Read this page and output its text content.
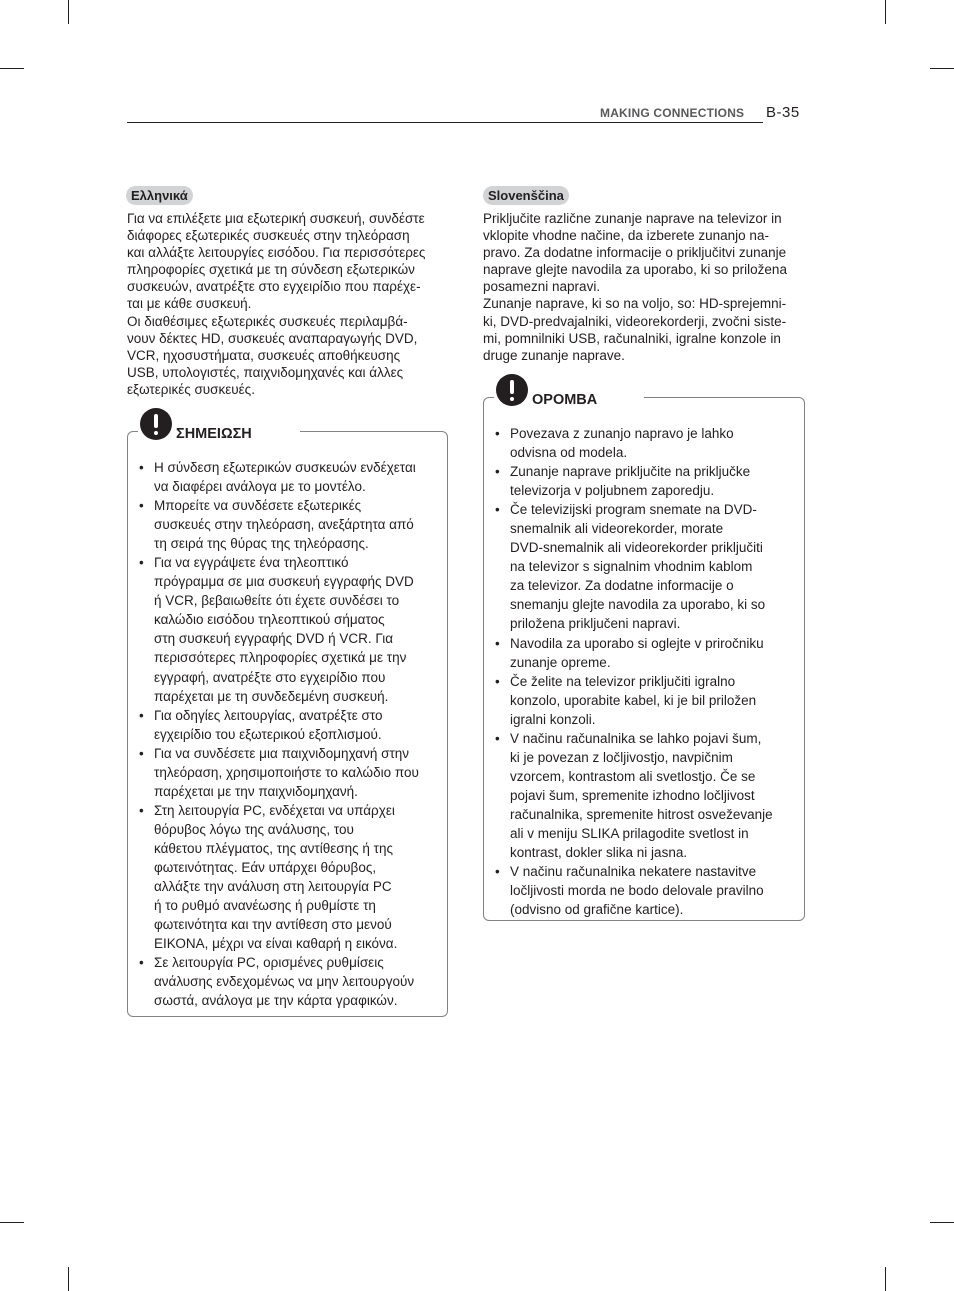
MAKING CONNECTIONS B-35
Ελληνικά

Για να επιλέξετε μια εξωτερική συσκευή, συνδέστε
διάφορες εξωτερικές συσκευές στην τηλεόραση
και αλλάξτε λειτουργίες εισόδου. Για περισσότερες
πληροφορίες σχετικά με τη σύνδεση εξωτερικών
συσκευών, ανατρέξτε στο εγχειρίδιο που παρέχε-
ται με κάθε συσκευή.
Οι διαθέσιμες εξωτερικές συσκευές περιλαμβά-
νουν δέκτες HD, συσκευές αναπαραγωγής DVD,
VCR, ηχοσυστήματα, συσκευές αποθήκευσης
USB, υπολογιστές, παιχνιδομηχανές και άλλες
εξωτερικές συσκευές.

• Η σύνδεση εξωτερικών συσκευών ενδέχεται
να διαφέρει ανάλογα με το μοντέλο.
• Μπορείτε να συνδέσετε εξωτερικές
συσκευές στην τηλεόραση, ανεξάρτητα από
τη σειρά της θύρας της τηλεόρασης.
• Για να εγγράψετε ένα τηλεοπτικό
πρόγραμμα σε μια συσκευή εγγραφής DVD
ή VCR, βεβαιωθείτε ότι έχετε συνδέσει το
καλώδιο εισόδου τηλεοπτικού σήματος
στη συσκευή εγγραφής DVD ή VCR. Για
περισσότερες πληροφορίες σχετικά με την
εγγραφή, ανατρέξτε στο εγχειρίδιο που
παρέχεται με τη συνδεδεμένη συσκευή.
• Για οδηγίες λειτουργίας, ανατρέξτε στο
εγχειρίδιο του εξωτερικού εξοπλισμού.
• Για να συνδέσετε μια παιχνιδομηχανή στην
τηλεόραση, χρησιμοποιήστε το καλώδιο που
παρέχεται με την παιχνιδομηχανή.
• Στη λειτουργία PC, ενδέχεται να υπάρχει
θόρυβος λόγω της ανάλυσης, του
κάθετου πλέγματος, της αντίθεσης ή της
φωτεινότητας. Εάν υπάρχει θόρυβος,
αλλάξτε την ανάλυση στη λειτουργία PC
ή το ρυθμό ανανέωσης ή ρυθμίστε τη
φωτεινότητα και την αντίθεση στο μενού
ΕΙΚΟΝΑ, μέχρι να είναι καθαρή η εικόνα.
• Σε λειτουργία PC, ορισμένες ρυθμίσεις
ανάλυσης ενδεχομένως να μην λειτουργούν
σωστά, ανάλογα με την κάρτα γραφικών.
ΣΗΜΕΙΩΣΗ
Slovenščina

Priključite različne zunanje naprave na televizor in
vklopite vhodne načine, da izberete zunanjo na-
pravo. Za dodatne informacije o priključitvi zunanje
naprave glejte navodila za uporabo, ki so priložena
posamezni napravi.
Zunanje naprave, ki so na voljo, so: HD-sprejemni-
ki, DVD-predvajalniki, videorekorderji, zvočni siste-
mi, pomnilniki USB, računalniki, igralne konzole in
druge zunanje naprave.

• Povezava z zunanjo napravo je lahko
odvisna od modela.
• Zunanje naprave priključite na priključke
televizorja v poljubnem zaporedju.
• Če televizijski program snemate na DVD-
snemalnik ali videorekorder, morate
DVD-snemalnik ali videorekorder priključiti
na televizor s signalnim vhodnim kablom
za televizor. Za dodatne informacije o
snemanju glejte navodila za uporabo, ki so
priložena priključeni napravi.
• Navodila za uporabo si oglejte v priročniku
zunanje opreme.
• Če želite na televizor priključiti igralno
konzolo, uporabite kabel, ki je bil priložen
igralni konzoli.
• V načinu računalnika se lahko pojavi šum,
ki je povezan z ločljivostjo, navpičnim
vzorcem, kontrastom ali svetlostjo. Če se
pojavi šum, spremenite izhodno ločljivost
računalnika, spremenite hitrost osveževanje
ali v meniju SLIKA prilagodite svetlost in
kontrast, dokler slika ni jasna.
• V načinu računalnika nekatere nastavitve
ločljivosti morda ne bodo delovale pravilno
(odvisno od grafične kartice).
OPOMBA
